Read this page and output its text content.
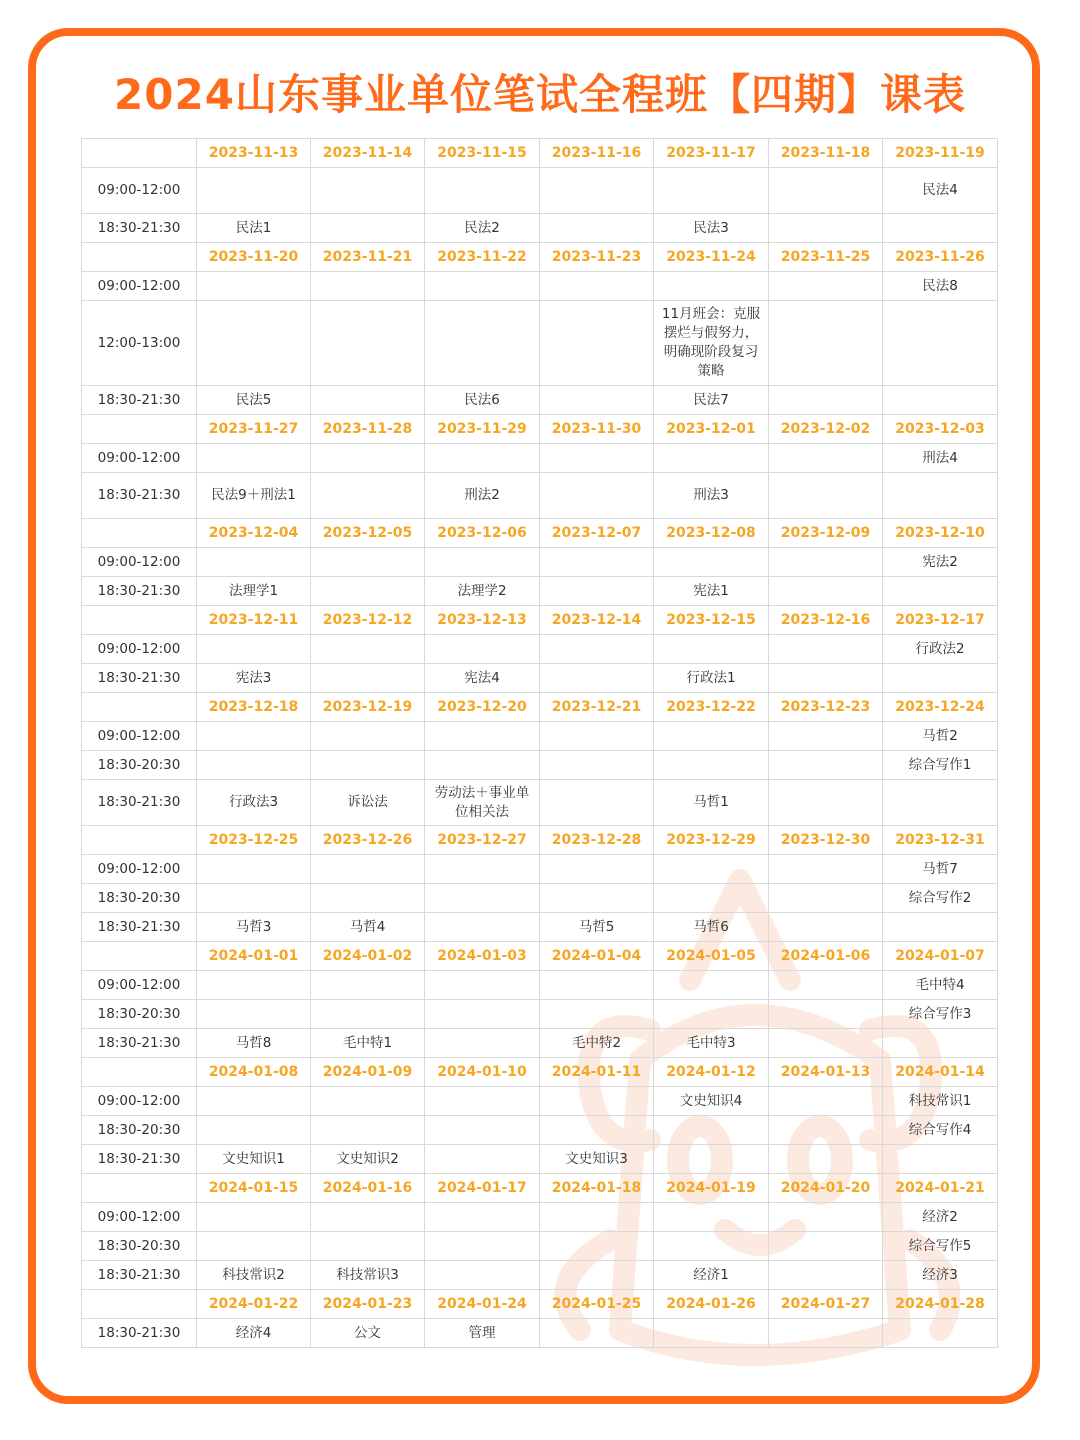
2024山东事业单位笔试全程班【四期】课表
	2023-11-13	2023-11-14	2023-11-15	2023-11-16	2023-11-17	2023-11-18	2023-11-19
09:00-12:00							民法4
18:30-21:30	民法1		民法2		民法3		
	2023-11-20	2023-11-21	2023-11-22	2023-11-23	2023-11-24	2023-11-25	2023-11-26
09:00-12:00							民法8
12:00-13:00					11月班会：克服摆烂与假努力，明确现阶段复习策略		
18:30-21:30	民法5		民法6		民法7		
	2023-11-27	2023-11-28	2023-11-29	2023-11-30	2023-12-01	2023-12-02	2023-12-03
09:00-12:00							刑法4
18:30-21:30	民法9＋刑法1		刑法2		刑法3		
	2023-12-04	2023-12-05	2023-12-06	2023-12-07	2023-12-08	2023-12-09	2023-12-10
09:00-12:00							宪法2
18:30-21:30	法理学1		法理学2		宪法1		
	2023-12-11	2023-12-12	2023-12-13	2023-12-14	2023-12-15	2023-12-16	2023-12-17
09:00-12:00							行政法2
18:30-21:30	宪法3		宪法4		行政法1		
	2023-12-18	2023-12-19	2023-12-20	2023-12-21	2023-12-22	2023-12-23	2023-12-24
09:00-12:00							马哲2
18:30-20:30							综合写作1
18:30-21:30	行政法3	诉讼法	劳动法＋事业单位相关法		马哲1		
	2023-12-25	2023-12-26	2023-12-27	2023-12-28	2023-12-29	2023-12-30	2023-12-31
09:00-12:00							马哲7
18:30-20:30							综合写作2
18:30-21:30	马哲3	马哲4		马哲5	马哲6		
	2024-01-01	2024-01-02	2024-01-03	2024-01-04	2024-01-05	2024-01-06	2024-01-07
09:00-12:00							毛中特4
18:30-20:30							综合写作3
18:30-21:30	马哲8	毛中特1		毛中特2	毛中特3		
	2024-01-08	2024-01-09	2024-01-10	2024-01-11	2024-01-12	2024-01-13	2024-01-14
09:00-12:00					文史知识4		科技常识1
18:30-20:30							综合写作4
18:30-21:30	文史知识1	文史知识2		文史知识3			
	2024-01-15	2024-01-16	2024-01-17	2024-01-18	2024-01-19	2024-01-20	2024-01-21
09:00-12:00							经济2
18:30-20:30							综合写作5
18:30-21:30	科技常识2	科技常识3			经济1		经济3
	2024-01-22	2024-01-23	2024-01-24	2024-01-25	2024-01-26	2024-01-27	2024-01-28
18:30-21:30	经济4	公文	管理				
